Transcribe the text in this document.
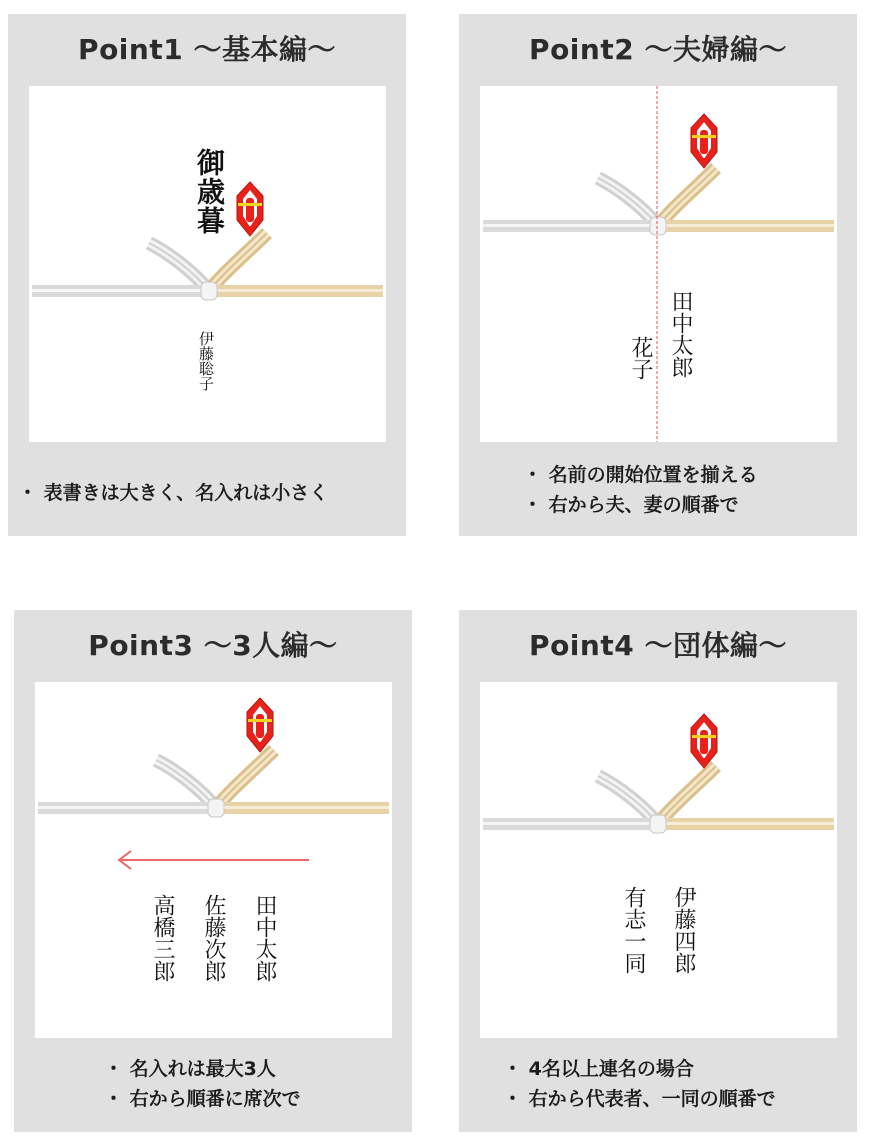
Point1 〜基本編〜
御歳暮
伊藤聡子
・ 表書きは大きく、名入れは小さく
Point2 〜夫婦編〜
田中太郎
花子
・ 名前の開始位置を揃える
・ 右から夫、妻の順番で
Point3 〜3人編〜
田中太郎
佐藤次郎
高橋三郎
・ 名入れは最大3人
・ 右から順番に席次で
Point4 〜団体編〜
伊藤四郎
有志一同
・ 4名以上連名の場合
・ 右から代表者、一同の順番で
